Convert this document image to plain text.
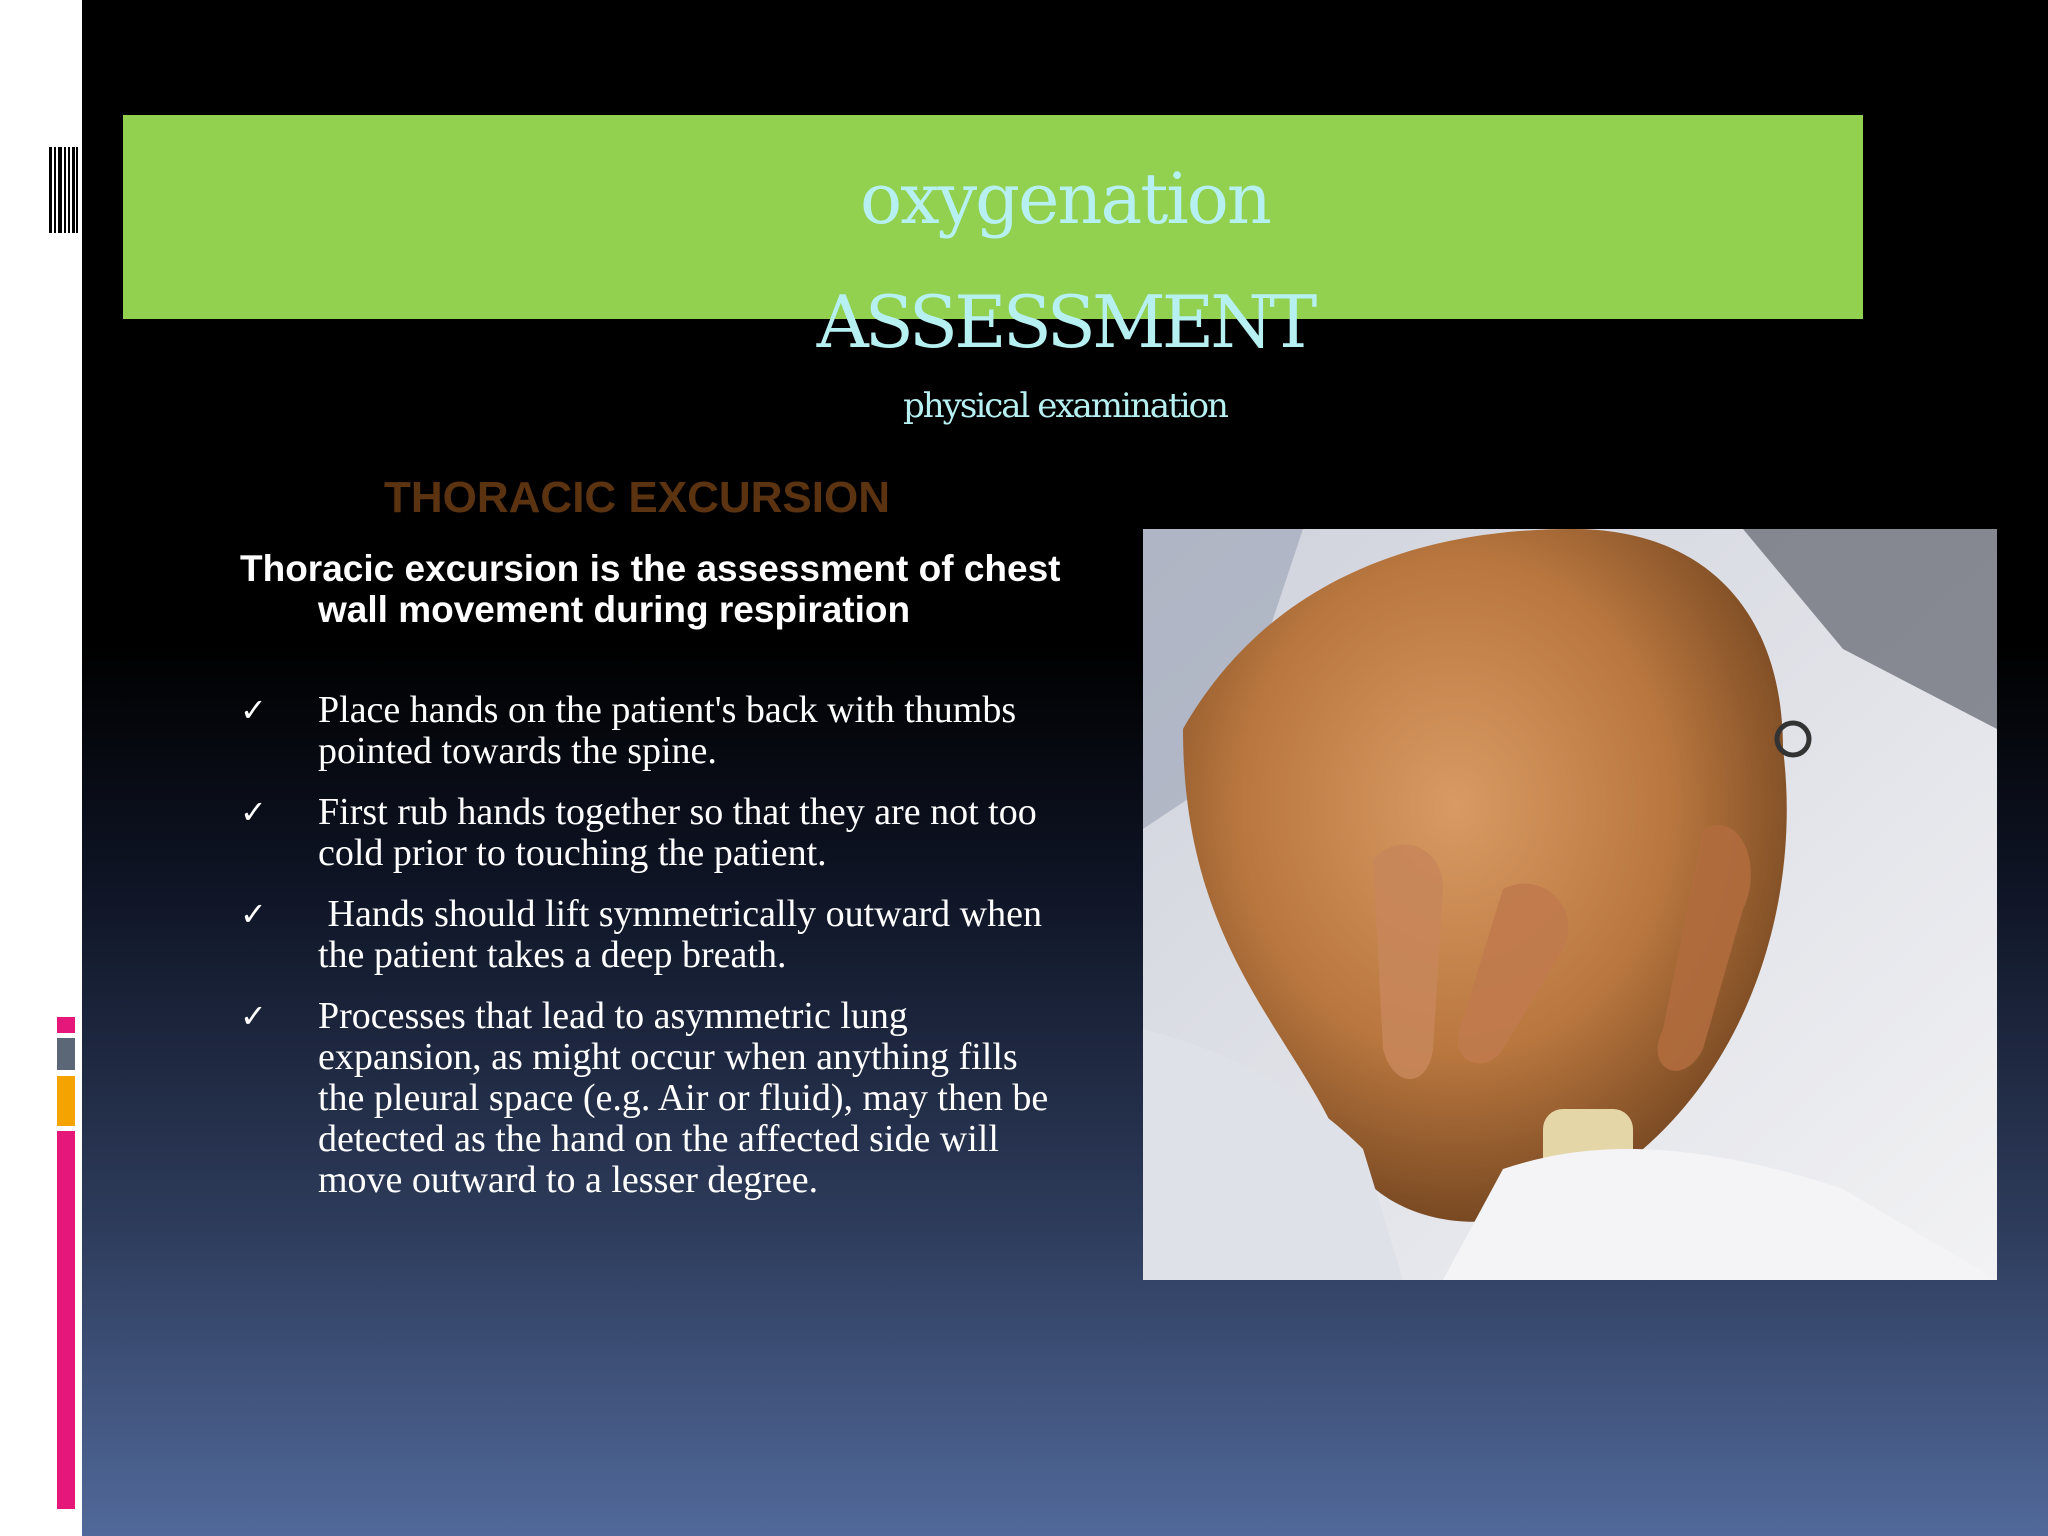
oxygenation
ASSESSMENT
physical examination
THORACIC EXCURSION
Thoracic excursion is the assessment of chest wall movement during respiration
✓ Place hands on the patient's back with thumbs pointed towards the spine.
✓ First rub hands together so that they are not too cold prior to touching the patient.
✓ Hands should lift symmetrically outward when the patient takes a deep breath.
✓ Processes that lead to asymmetric lung expansion, as might occur when anything fills the pleural space (e.g. Air or fluid), may then be detected as the hand on the affected side will move outward to a lesser degree.
